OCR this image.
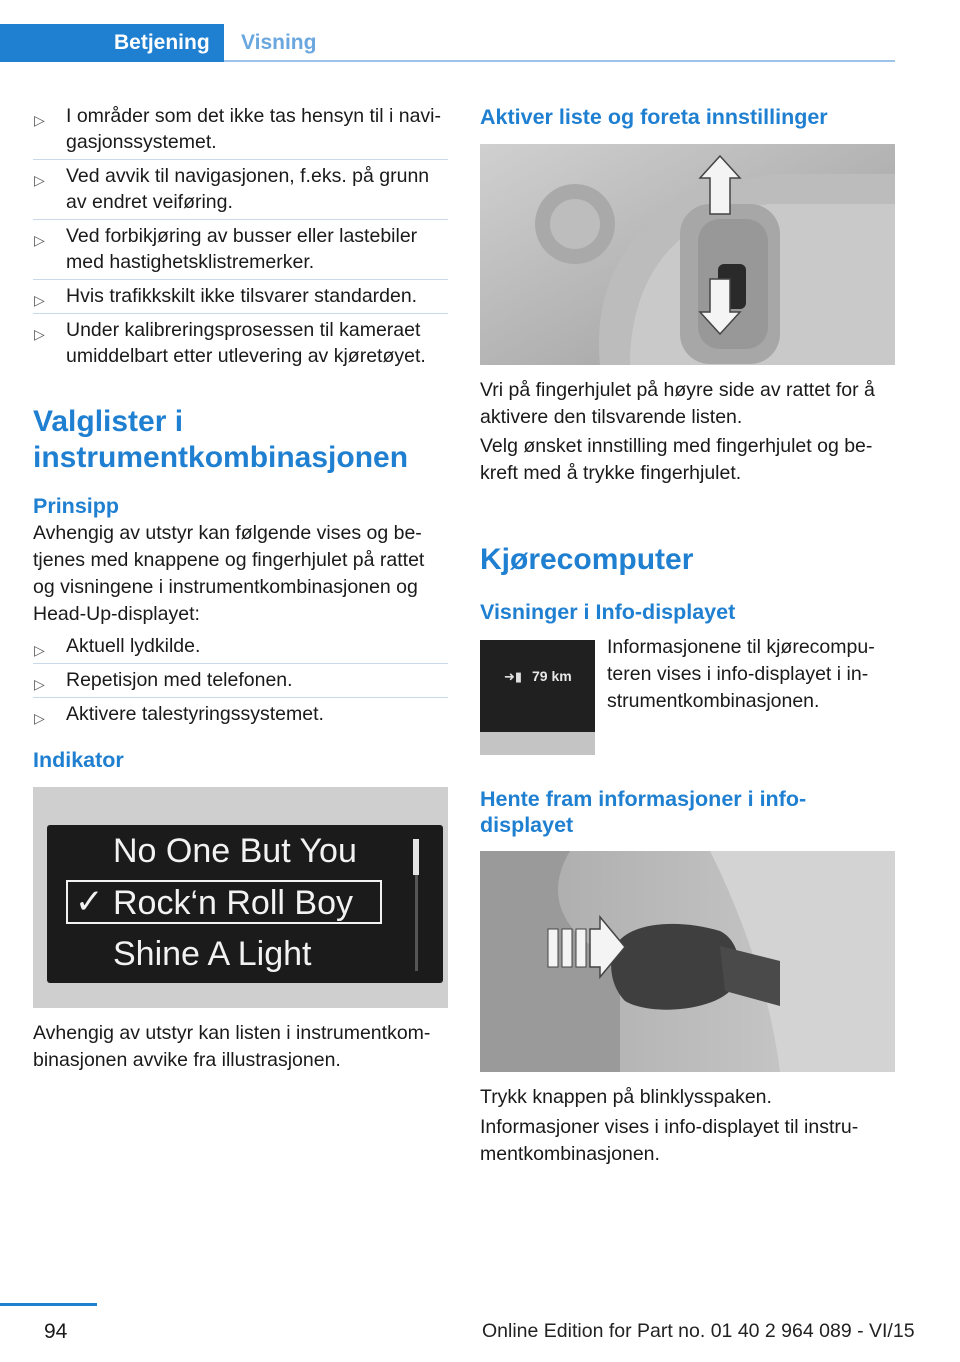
Betjening	Visning
▷ I områder som det ikke tas hensyn til i navi-gasjonssystemet.
▷ Ved avvik til navigasjonen, f.eks. på grunn av endret veiføring.
▷ Ved forbikjøring av busser eller lastebiler med hastighetsklistremerker.
▷ Hvis trafikkskilt ikke tilsvarer standarden.
▷ Under kalibreringsprosessen til kameraet umiddelbart etter utlevering av kjøretøyet.
Valglister i instrumentkombinasjonen
Prinsipp

Avhengig av utstyr kan følgende vises og be-tjenes med knappene og fingerhjulet på rattet og visningene i instrumentkombinasjonen og Head-Up-displayet:

▷ Aktuell lydkilde.
▷ Repetisjon med telefonen.
▷ Aktivere talestyringssystemet.
Indikator
No One But You
✓ Rock‘n Roll Boy
Shine A Light

Avhengig av utstyr kan listen i instrumentkom-binasjonen avvike fra illustrasjonen.

Aktiver liste og foreta innstillinger

Vri på fingerhjulet på høyre side av rattet for å aktivere den tilsvarende listen.

Velg ønsket innstilling med fingerhjulet og be-kreft med å trykke fingerhjulet.

Kjørecomputer
Visninger i Info-displayet
➜▮ 79 km

Informasjonene til kjørecompu-teren vises i info-displayet i in-strumentkombinasjonen.

Hente fram informasjoner i info-displayet

Trykk knappen på blinklysspaken.

Informasjoner vises i info-displayet til instru-mentkombinasjonen.

94	Online Edition for Part no. 01 40 2 964 089 - VI/15
